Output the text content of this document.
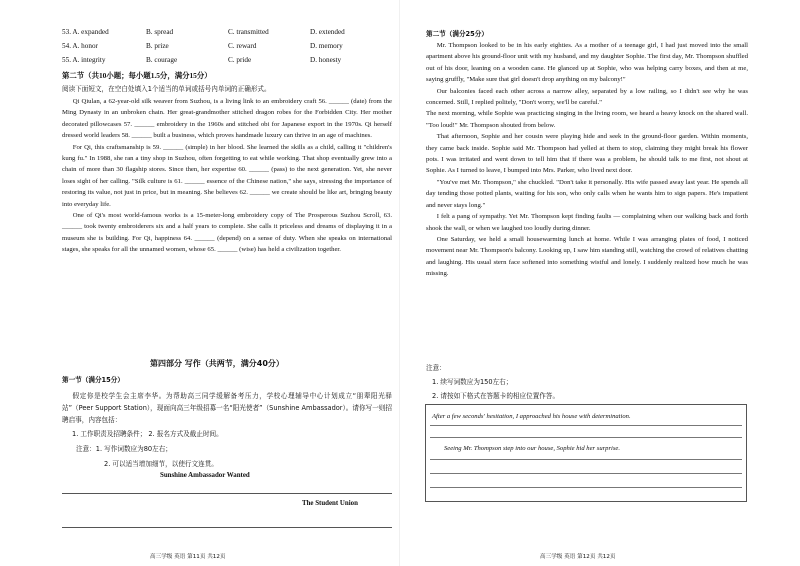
53. A. expanded	B. spread	C. transmitted	D. extended
54. A. honor	B. prize	C. reward	D. memory
55. A. integrity	B. courage	C. pride	D. honesty
第二节（共10小题；每小题1.5分，满分15分）
阅读下面短文，在空白处填入1个适当的单词或括号内单词的正确形式。

Qi Qiulan, a 62-year-old silk weaver from Suzhou, is a living link to an embroidery craft 56. ______ (date) from the Ming Dynasty in an unbroken chain. Her great-grandmother stitched dragon robes for the Forbidden City. Her mother decorated pillowcases 57. ______ embroidery in the 1960s and stitched obi for Japanese export in the 1970s. Qi herself dressed world leaders 58. ______ built a business, which proves handmade luxury can thrive in an age of machines.

For Qi, this craftsmanship is 59. ______ (simple) in her blood. She learned the skills as a child, calling it "children's kung fu." In 1988, she ran a tiny shop in Suzhou, often forgetting to eat while working. That shop eventually grew into a chain of more than 30 flagship stores. Since then, her expertise 60. ______ (pass) to the next generation. Yet, she never loses sight of her calling. "Silk culture is 61. ______ essence of the Chinese nation," she says, stressing the importance of restoring its value, not just in price, but in meaning. She believes 62. ______ we create should be like art, bringing beauty into everyday life.

One of Qi's most world-famous works is a 15-meter-long embroidery copy of The Prosperous Suzhou Scroll, 63. ______ took twenty embroiderers six and a half years to complete. She calls it priceless and dreams of displaying it in a museum she is building. For Qi, happiness 64. ______ (depend) on a sense of duty. When she speaks on international stages, she speaks for all the unnamed women, whose 65. ______ (wise) has held a civilization together.

第四部分 写作（共两节，满分40分）
第一节（满分15分）
假定你是校学生会主席李华。为帮助高三同学缓解备考压力，学校心理辅导中心计划成立“朋辈阳光驿站”（Peer Support Station），现面向高三年级招募一名“阳光使者”（Sunshine Ambassador）。请你写一则招聘启事，内容包括：
1. 工作职责及招聘条件； 2. 报名方式及截止时间。
注意：1. 写作词数应为80左右；
2. 可以适当增加细节，以使行文连贯。
Sunshine Ambassador Wanted
The Student Union
高三学级 英语 第11页 共12页
第二节（满分25分）

Mr. Thompson looked to be in his early eighties. As a mother of a teenage girl, I had just moved into the small apartment above his ground-floor unit with my husband, and my daughter Sophie. The first day, Mr. Thompson shuffled out of his door, leaning on a wooden cane. He glanced up at Sophie, who was helping carry boxes, and then at me, saying gruffly, "Make sure that girl doesn't drop anything on my balcony!"

Our balconies faced each other across a narrow alley, separated by a low railing, so I didn't see why he was concerned. Still, I replied politely, "Don't worry, we'll be careful."

The next morning, while Sophie was practicing singing in the living room, we heard a heavy knock on the shared wall. "Too loud!" Mr. Thompson shouted from below.

That afternoon, Sophie and her cousin were playing hide and seek in the ground-floor garden. Within moments, they came back inside. Sophie said Mr. Thompson had yelled at them to stop, claiming they might break his flower pots. I was irritated and went down to tell him that if there was a problem, he should talk to me first, not shout at Sophie. As I turned to leave, I bumped into Mrs. Parker, who lived next door.

"You've met Mr. Thompson," she chuckled. "Don't take it personally. His wife passed away last year. He spends all day tending those potted plants, waiting for his son, who only calls when he wants him to sign papers. He's impatient and never stays long."

I felt a pang of sympathy. Yet Mr. Thompson kept finding faults — complaining when our walking back and forth shook the wall, or when we laughed too loudly during dinner.

One Saturday, we held a small housewarming lunch at home. While I was arranging plates of food, I noticed movement near Mr. Thompson's balcony. Looking up, I saw him standing still, watching the crowd of relatives chatting and laughing. His usual stern face softened into something wistful and lonely. I suddenly realized how much he was missing.

注意：
1. 续写词数应为150左右；
2. 请按如下格式在答题卡的相应位置作答。
After a few seconds' hesitation, I approached his house with determination.
Seeing Mr. Thompson step into our house, Sophie hid her surprise.
高三学级 英语 第12页 共12页
